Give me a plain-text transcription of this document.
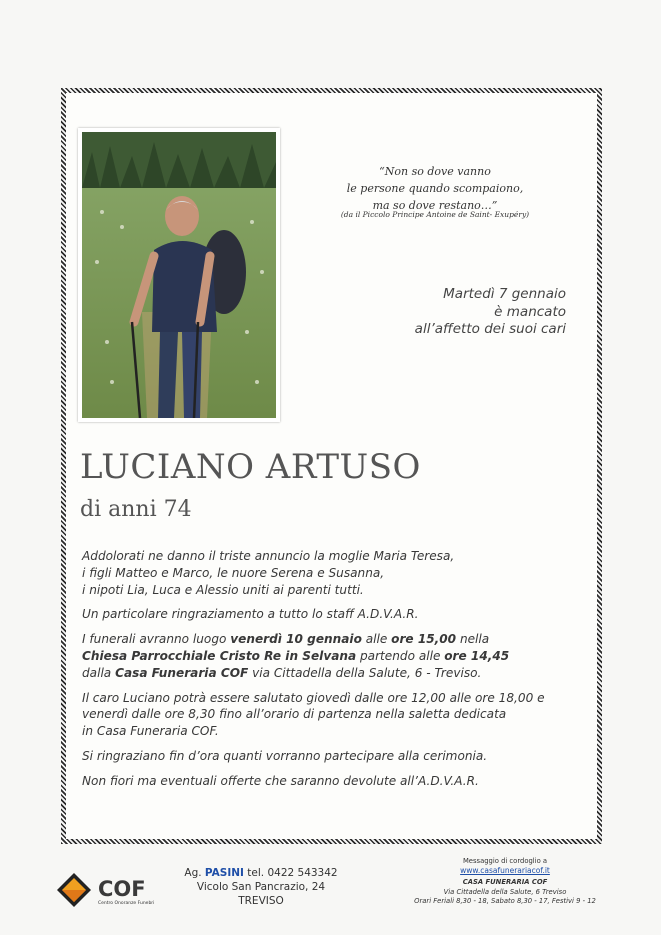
“Non so dove vanno
le persone quando scompaiono,
ma so dove restano…”
(da il Piccolo Principe Antoine de Saint- Exupéry)
Martedì 7 gennaio
è mancato
all’affetto dei suoi cari
LUCIANO ARTUSO
di anni 74

Addolorati ne danno il triste annuncio la moglie Maria Teresa,
i figli Matteo e Marco, le nuore Serena e Susanna,
i nipoti Lia, Luca e Alessio uniti ai parenti tutti.

Un particolare ringraziamento a tutto lo staff A.D.V.A.R.

I funerali avranno luogo venerdì 10 gennaio alle ore 15,00 nella
Chiesa Parrocchiale Cristo Re in Selvana partendo alle ore 14,45
dalla Casa Funeraria COF via Cittadella della Salute, 6 - Treviso.

Il caro Luciano potrà essere salutato giovedì dalle ore 12,00 alle ore 18,00 e
venerdì dalle ore 8,30 fino all’orario di partenza nella saletta dedicata
in Casa Funeraria COF.

Si ringraziano fin d’ora quanti vorranno partecipare alla cerimonia.

Non fiori ma eventuali offerte che saranno devolute all’A.D.V.A.R.

COF
Centro Onoranze Funebri
Ag. PASINI tel. 0422 543342
Vicolo San Pancrazio, 24
TREVISO
Messaggio di cordoglio a
www.casafunerariacof.it
CASA FUNERARIA COF
Via Cittadella della Salute, 6 Treviso
Orari Feriali 8,30 - 18, Sabato 8,30 - 17, Festivi 9 - 12
